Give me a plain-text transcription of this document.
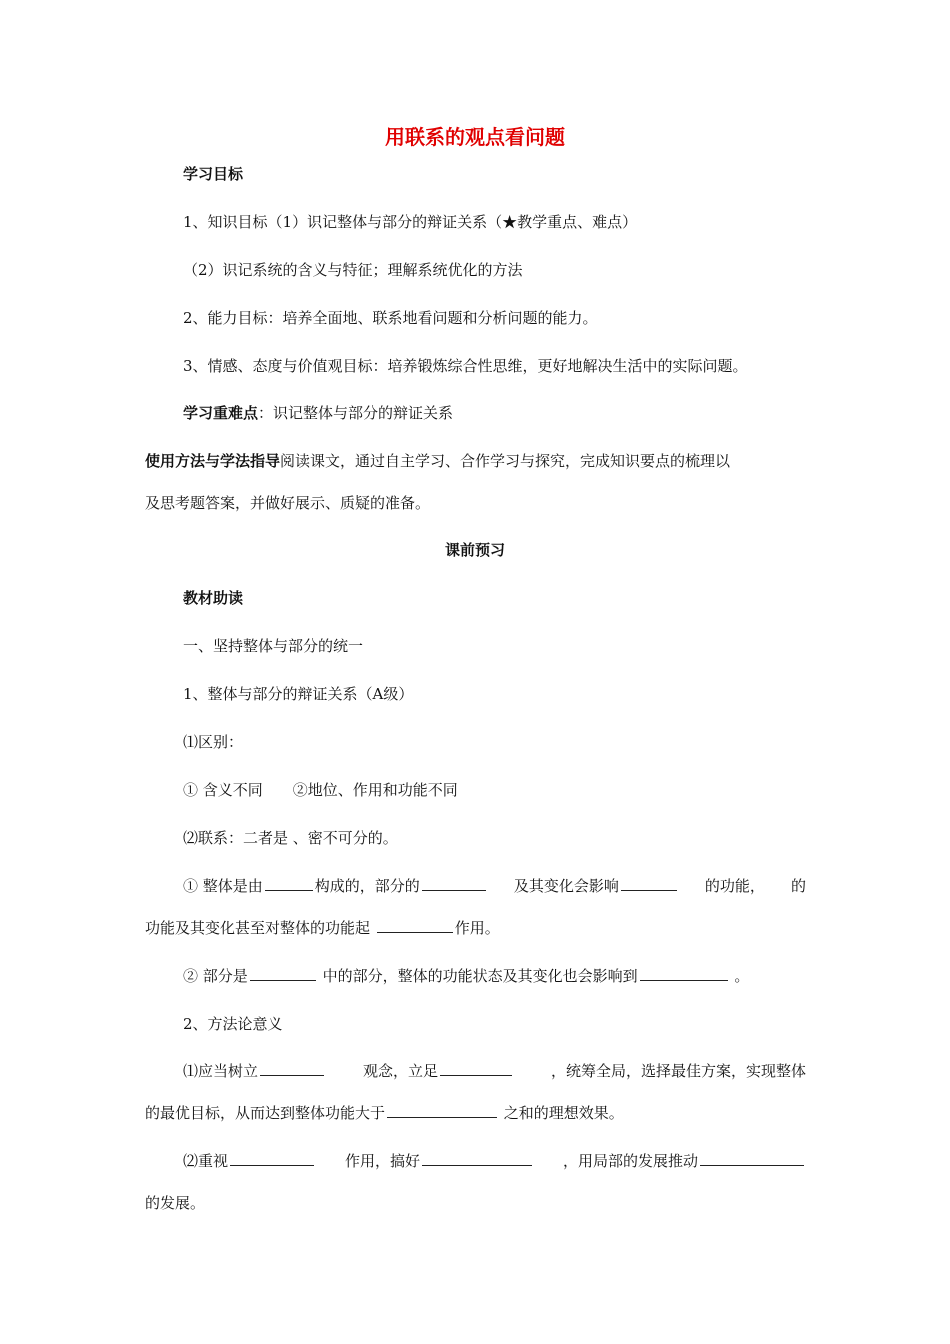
用联系的观点看问题
学习目标
1、知识目标（1）识记整体与部分的辩证关系（★教学重点、难点）
（2）识记系统的含义与特征；理解系统优化的方法
2、能力目标：培养全面地、联系地看问题和分析问题的能力。
3、情感、态度与价值观目标：培养锻炼综合性思维，更好地解决生活中的实际问题。
学习重难点：识记整体与部分的辩证关系
使用方法与学法指导阅读课文，通过自主学习、合作学习与探究，完成知识要点的梳理以
及思考题答案，并做好展示、质疑的准备。
课前预习
教材助读
一、坚持整体与部分的统一
1、整体与部分的辩证关系（A级）
⑴区别：
① 含义不同　　②地位、作用和功能不同
⑵联系：二者是 、密不可分的。
① 整体是由	构成的，部分的	及其变化会影响	的功能， 的
功能及其变化甚至对整体的功能起	作用。
② 部分是	中的部分，整体的功能状态及其变化也会影响到	。
2、方法论意义
⑴应当树立	观念，立足	，统筹全局，选择最佳方案，实现整体
的最优目标，从而达到整体功能大于	之和的理想效果。
⑵重视	作用，搞好	，用局部的发展推动
的发展。
